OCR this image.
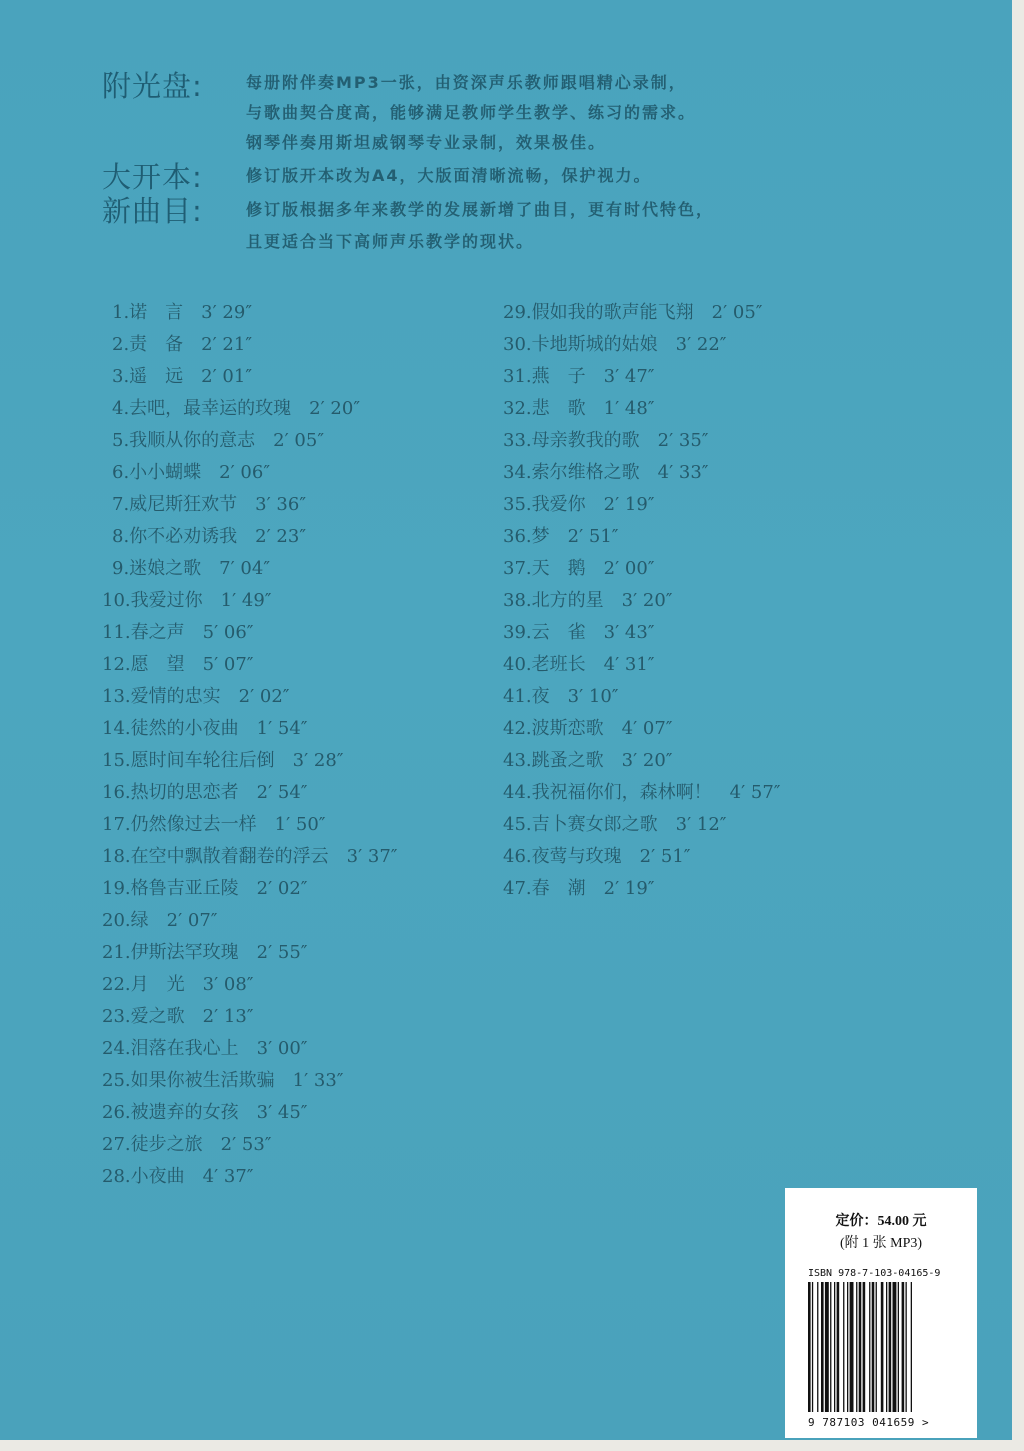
附光盘:	每册附伴奏MP3一张，由资深声乐教师跟唱精心录制，
与歌曲契合度高，能够满足教师学生教学、练习的需求。
钢琴伴奏用斯坦威钢琴专业录制，效果极佳。
大开本:	修订版开本改为A4，大版面清晰流畅，保护视力。
新曲目:	修订版根据多年来教学的发展新增了曲目，更有时代特色，
且更适合当下高师声乐教学的现状。
1.诺　言　3′ 29″
2.责　备　2′ 21″
3.遥　远　2′ 01″
4.去吧，最幸运的玫瑰　2′ 20″
5.我顺从你的意志　2′ 05″
6.小小蝴蝶　2′ 06″
7.威尼斯狂欢节　3′ 36″
8.你不必劝诱我　2′ 23″
9.迷娘之歌　7′ 04″
10.我爱过你　1′ 49″
11.春之声　5′ 06″
12.愿　望　5′ 07″
13.爱情的忠实　2′ 02″
14.徒然的小夜曲　1′ 54″
15.愿时间车轮往后倒　3′ 28″
16.热切的思恋者　2′ 54″
17.仍然像过去一样　1′ 50″
18.在空中飘散着翻卷的浮云　3′ 37″
19.格鲁吉亚丘陵　2′ 02″
20.绿　2′ 07″
21.伊斯法罕玫瑰　2′ 55″
22.月　光　3′ 08″
23.爱之歌　2′ 13″
24.泪落在我心上　3′ 00″
25.如果你被生活欺骗　1′ 33″
26.被遗弃的女孩　3′ 45″
27.徒步之旅　2′ 53″
28.小夜曲　4′ 37″
29.假如我的歌声能飞翔　2′ 05″
30.卡地斯城的姑娘　3′ 22″
31.燕　子　3′ 47″
32.悲　歌　1′ 48″
33.母亲教我的歌　2′ 35″
34.索尔维格之歌　4′ 33″
35.我爱你　2′ 19″
36.梦　2′ 51″
37.天　鹅　2′ 00″
38.北方的星　3′ 20″
39.云　雀　3′ 43″
40.老班长　4′ 31″
41.夜　3′ 10″
42.波斯恋歌　4′ 07″
43.跳蚤之歌　3′ 20″
44.我祝福你们，森林啊！　4′ 57″
45.吉卜赛女郎之歌　3′ 12″
46.夜莺与玫瑰　2′ 51″
47.春　潮　2′ 19″
定价：54.00 元
(附 1 张 MP3)
ISBN 978-7-103-04165-9
9 787103 041659 >
